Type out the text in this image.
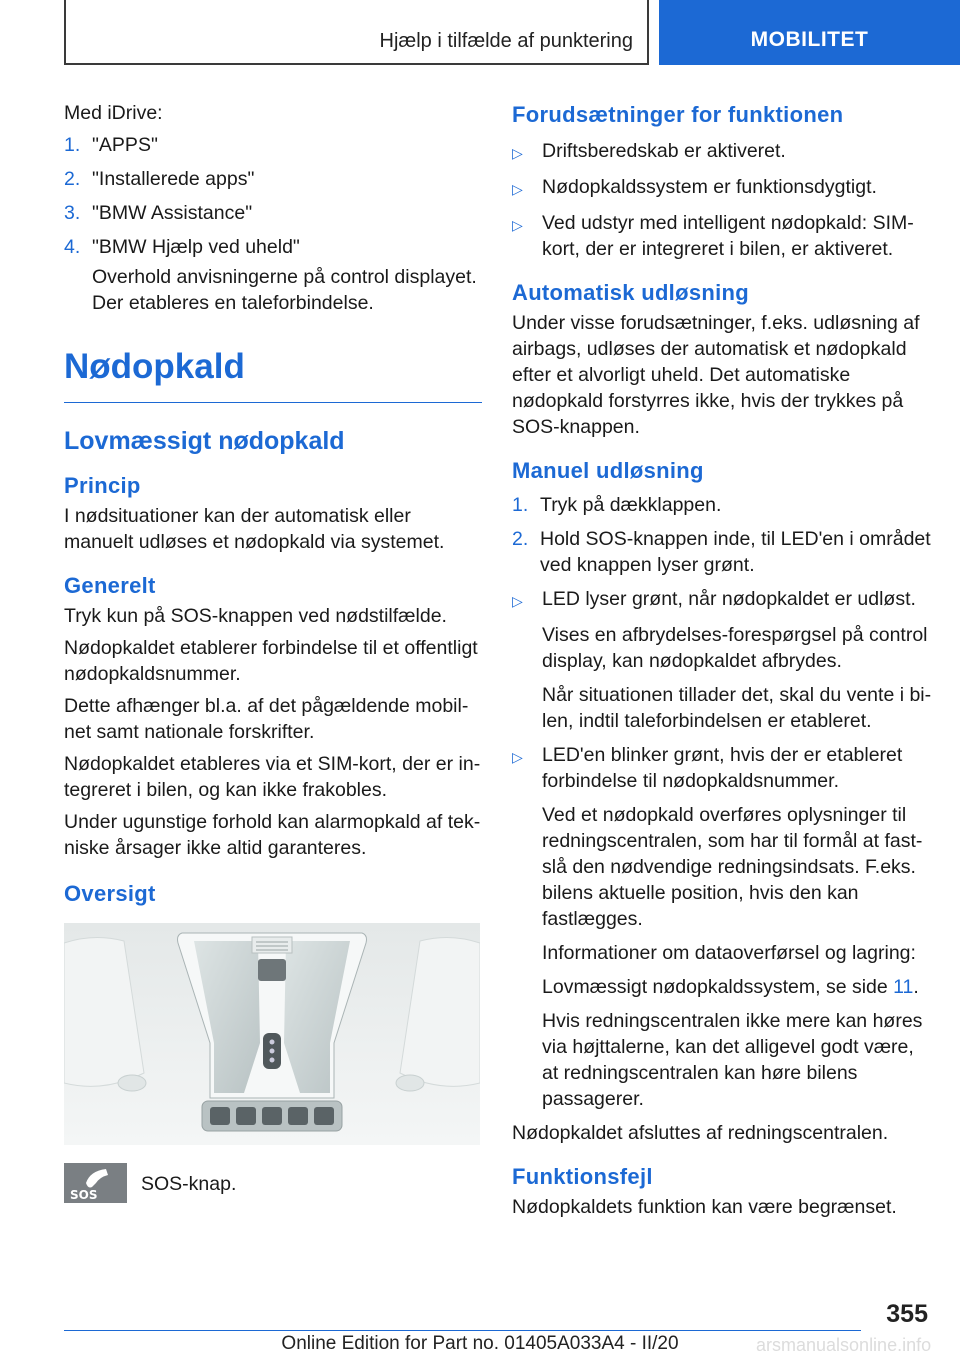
Hjælp i tilfælde af punktering	MOBILITET

Med iDrive:

1. "APPS"
2. "Installerede apps"
3. "BMW Assistance"
4. "BMW Hjælp ved uheld"
Overhold anvisningerne på control displayet. Der etableres en taleforbindelse.
Nødopkald
Lovmæssigt nødopkald
Princip

I nødsituationer kan der automatisk eller manuelt udløses et nødopkald via systemet.

Generelt

Tryk kun på SOS-knappen ved nødstilfælde.

Nødopkaldet etablerer forbindelse til et offentligt nødopkaldsnummer.

Dette afhænger bl.a. af det pågældende mobilnet samt nationale forskrifter.

Nødopkaldet etableres via et SIM-kort, der er integreret i bilen, og kan ikke frakobles.

Under ugunstige forhold kan alarmopkald af tekniske årsager ikke altid garanteres.

Oversigt
SOS SOS-knap.
Forudsætninger for funktionen
▷ Driftsberedskab er aktiveret.
▷ Nødopkaldssystem er funktionsdygtigt.
▷ Ved udstyr med intelligent nødopkald: SIM-kort, der er integreret i bilen, er aktiveret.
Automatisk udløsning

Under visse forudsætninger, f.eks. udløsning af airbags, udløses der automatisk et nødopkald efter et alvorligt uheld. Det automatiske nødopkald forstyrres ikke, hvis der trykkes på SOS-knappen.

Manuel udløsning
1. Tryk på dækklappen.
2. Hold SOS-knappen inde, til LED'en i området ved knappen lyser grønt.
▷ LED lyser grønt, når nødopkaldet er udløst.
Vises en afbrydelses-forespørgsel på control display, kan nødopkaldet afbrydes.
Når situationen tillader det, skal du vente i bilen, indtil taleforbindelsen er etableret.
▷ LED'en blinker grønt, hvis der er etableret forbindelse til nødopkaldsnummer.
Ved et nødopkald overføres oplysninger til redningscentralen, som har til formål at fastslå den nødvendige redningsindsats. F.eks. bilens aktuelle position, hvis den kan fastlægges.
Informationer om dataoverførsel og lagring:
Lovmæssigt nødopkaldssystem, se side 11.
Hvis redningscentralen ikke mere kan høres via højttalerne, kan det alligevel godt være, at redningscentralen kan høre bilens passagerer.

Nødopkaldet afsluttes af redningscentralen.

Funktionsfejl

Nødopkaldets funktion kan være begrænset.

355
Online Edition for Part no. 01405A033A4 - II/20	arsmanualsonline.info
